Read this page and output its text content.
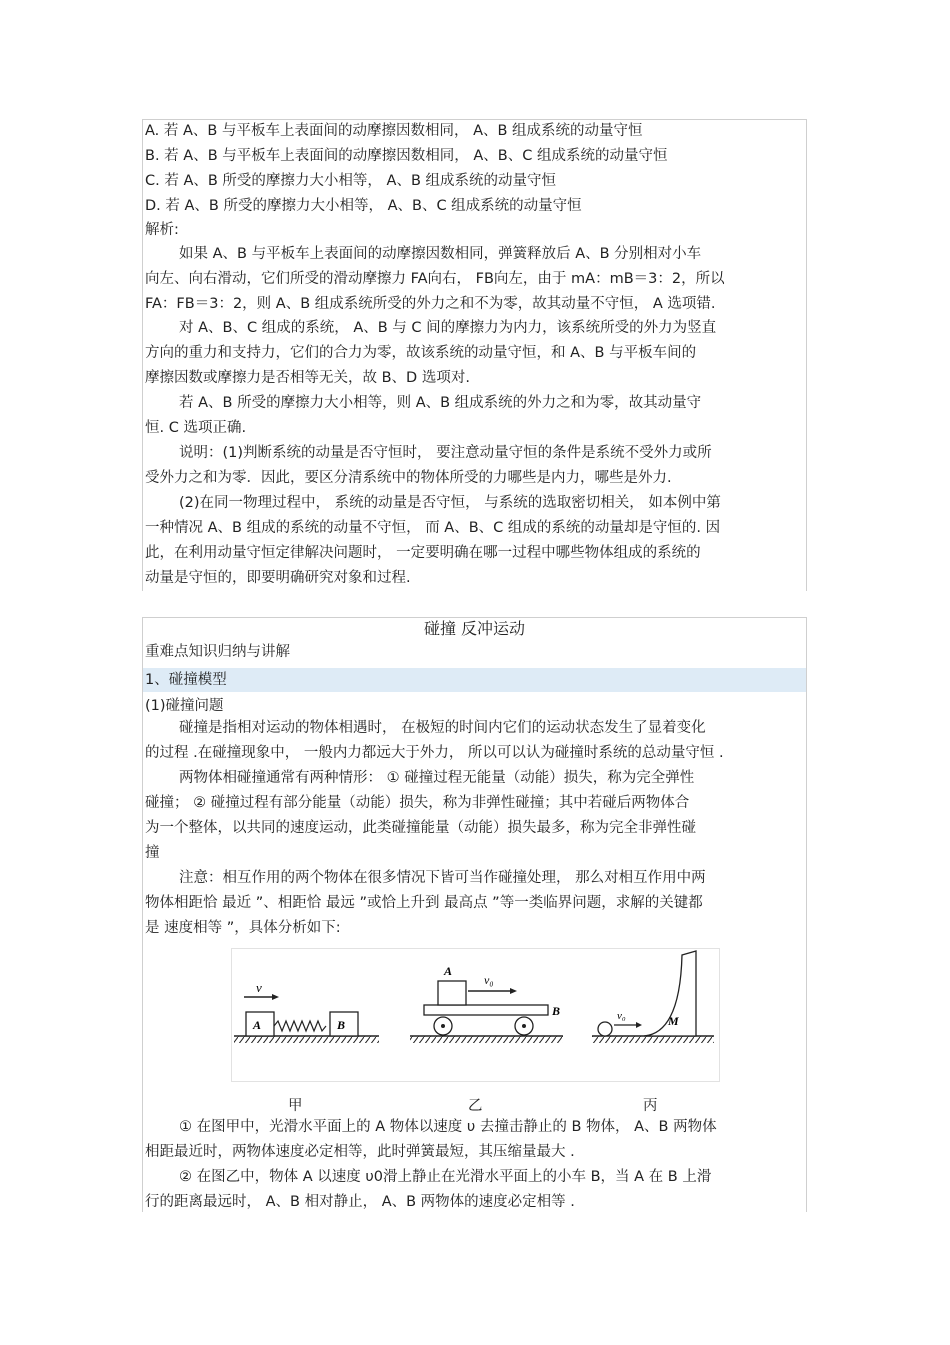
A. 若 A、B 与平板车上表面间的动摩擦因数相同， A、B 组成系统的动量守恒
B. 若 A、B 与平板车上表面间的动摩擦因数相同， A、B、C 组成系统的动量守恒
C. 若 A、B 所受的摩擦力大小相等， A、B 组成系统的动量守恒
D. 若 A、B 所受的摩擦力大小相等， A、B、C 组成系统的动量守恒
解析:
如果 A、B 与平板车上表面间的动摩擦因数相同，弹簧释放后 A、B 分别相对小车
向左、向右滑动，它们所受的滑动摩擦力 FA向右， FB向左，由于 mA：mB＝3：2，所以
FA：FB＝3：2，则 A、B 组成系统所受的外力之和不为零，故其动量不守恒， A 选项错.
对 A、B、C 组成的系统， A、B 与 C 间的摩擦力为内力，该系统所受的外力为竖直
方向的重力和支持力，它们的合力为零，故该系统的动量守恒，和 A、B 与平板车间的
摩擦因数或摩擦力是否相等无关，故 B、D 选项对.
若 A、B 所受的摩擦力大小相等，则 A、B 组成系统的外力之和为零，故其动量守
恒. C 选项正确.
说明：(1)判断系统的动量是否守恒时， 要注意动量守恒的条件是系统不受外力或所
受外力之和为零．因此，要区分清系统中的物体所受的力哪些是内力，哪些是外力.
(2)在同一物理过程中， 系统的动量是否守恒， 与系统的选取密切相关， 如本例中第
一种情况 A、B 组成的系统的动量不守恒， 而 A、B、C 组成的系统的动量却是守恒的. 因
此，在利用动量守恒定律解决问题时， 一定要明确在哪一过程中哪些物体组成的系统的
动量是守恒的，即要明确研究对象和过程.
碰撞 反冲运动
重难点知识归纳与讲解
1、碰撞模型
(1)碰撞问题
碰撞是指相对运动的物体相遇时， 在极短的时间内它们的运动状态发生了显着变化
的过程 .在碰撞现象中， 一般内力都远大于外力， 所以可以认为碰撞时系统的总动量守恒 .
两物体相碰撞通常有两种情形： ① 碰撞过程无能量（动能）损失，称为完全弹性
碰撞； ② 碰撞过程有部分能量（动能）损失，称为非弹性碰撞；其中若碰后两物体合
为一个整体，以共同的速度运动，此类碰撞能量（动能）损失最多，称为完全非弹性碰
撞
注意：相互作用的两个物体在很多情况下皆可当作碰撞处理， 那么对相互作用中两
物体相距恰 最近 ”、相距恰 最远 ”或恰上升到 最高点 ”等一类临界问题，求解的关键都
是 速度相等 ”，具体分析如下:
v
A	B
B
A
v₀
v₀	M
甲	乙	丙
① 在图甲中，光滑水平面上的 A 物体以速度 υ 去撞击静止的 B 物体， A、B 两物体
相距最近时，两物体速度必定相等，此时弹簧最短，其压缩量最大 .
② 在图乙中，物体 A 以速度 υ0滑上静止在光滑水平面上的小车 B，当 A 在 B 上滑
行的距离最远时， A、B 相对静止， A、B 两物体的速度必定相等 .
